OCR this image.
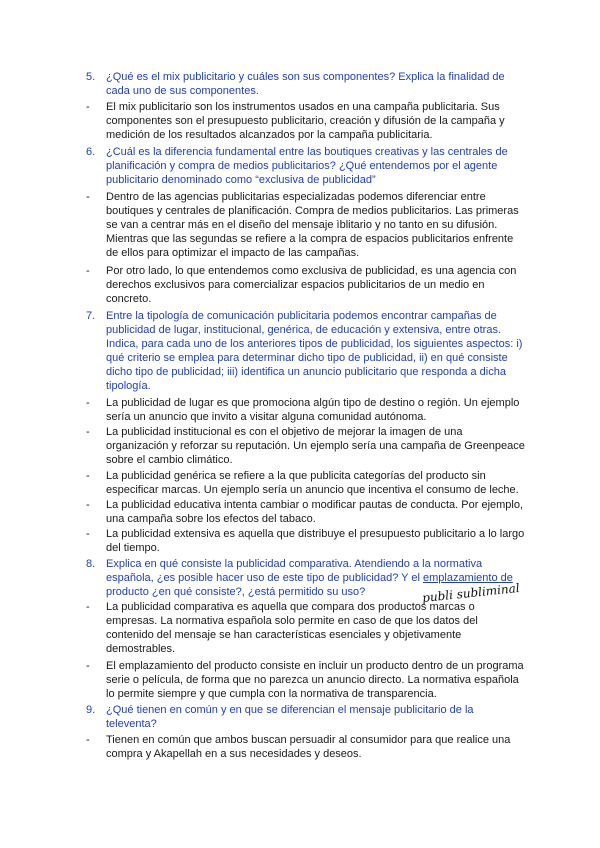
5. ¿Qué es el mix publicitario y cuáles son sus componentes? Explica la finalidad de cada uno de sus componentes.
-	El mix publicitario son los instrumentos usados en una campaña publicitaria. Sus componentes son el presupuesto publicitario, creación y difusión de la campaña y medición de los resultados alcanzados por la campaña publicitaria.
6. ¿Cuál es la diferencia fundamental entre las boutiques creativas y las centrales de planificación y compra de medios publicitarios? ¿Qué entendemos por el agente publicitario denominado como “exclusiva de publicidad”
-	Dentro de las agencias publicitarias especializadas podemos diferenciar entre boutiques y centrales de planificación. Compra de medios publicitarios. Las primeras se van a centrar más en el diseño del mensaje ìblitario y no tanto en su difusión. Mientras que las segundas se refiere a la compra de espacios publicitarios enfrente de ellos para optimizar el impacto de las campañas.
-	Por otro lado, lo que entendemos como exclusiva de publicidad, es una agencia con derechos exclusivos para comercializar espacios publicitarios de un medio en concreto.
7. Entre la tipología de comunicación publicitaria podemos encontrar campañas de publicidad de lugar, institucional, genérica, de educación y extensiva, entre otras. Indica, para cada uno de los anteriores tipos de publicidad, los siguientes aspectos: i) qué criterio se emplea para determinar dicho tipo de publicidad, ii) en qué consiste dicho tipo de publicidad; iii) identifica un anuncio publicitario que responda a dicha tipología.
-	La publicidad de lugar es que promociona algún tipo de destino o región. Un ejemplo sería un anuncio que invito a visitar alguna comunidad autónoma.
-	La publicidad institucional es con el objetivo de mejorar la imagen de una organización y reforzar su reputación. Un ejemplo sería una campaña de Greenpeace sobre el cambio climático.
-	La publicidad genérica se refiere a la que publicita categorías del producto sin especificar marcas. Un ejemplo sería un anuncio que incentiva el consumo de leche.
-	La publicidad educativa intenta cambiar o modificar pautas de conducta. Por ejemplo, una campaña sobre los efectos del tabaco.
-	La publicidad extensiva es aquella que distribuye el presupuesto publicitario a lo largo del tiempo.
8. Explica en qué consiste la publicidad comparativa. Atendiendo a la normativa española, ¿es posible hacer uso de este tipo de publicidad? Y el emplazamiento de producto ¿en qué consiste?, ¿está permitido su uso?
-	La publicidad comparativa es aquella que compara dos productos marcas o empresas. La normativa española solo permite en caso de que los datos del contenido del mensaje se han características esenciales y objetivamente demostrables.
-	El emplazamiento del producto consiste en incluir un producto dentro de un programa serie o película, de forma que no parezca un anuncio directo. La normativa española lo permite siempre y que cumpla con la normativa de transparencia.
9. ¿Qué tienen en común y en que se diferencian el mensaje publicitario de la televenta?
-	Tienen en común que ambos buscan persuadir al consumidor para que realice una compra y Akapellah en a sus necesidades y deseos.
publi subliminal
